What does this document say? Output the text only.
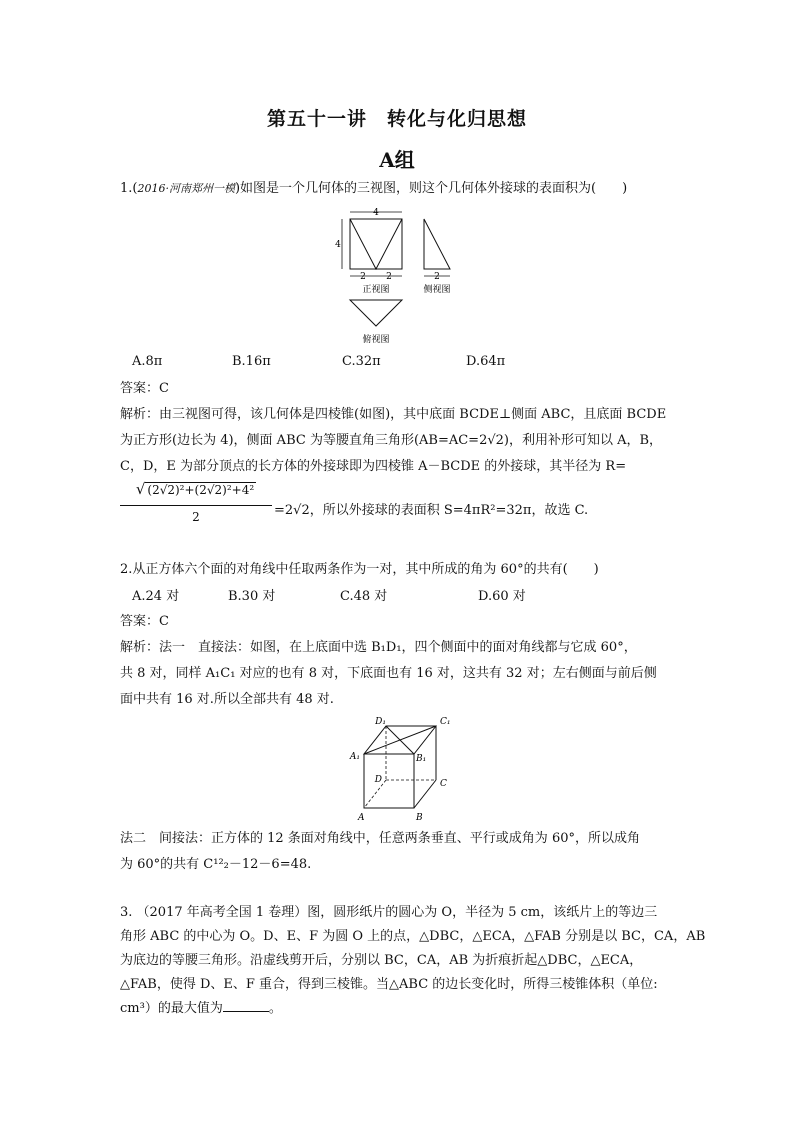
第五十一讲　转化与化归思想
A组
1.(2016·河南郑州一模)如图是一个几何体的三视图，则这个几何体外接球的表面积为(　　)
4
4
2 2
正视图
2
侧视图
俯视图
A.8π	B.16π	C.32π	D.64π
答案：C
解析：由三视图可得，该几何体是四棱锥(如图)，其中底面 BCDE⊥侧面 ABC，且底面 BCDE
为正方形(边长为 4)，侧面 ABC 为等腰直角三角形(AB=AC=2√2)，利用补形可知以 A，B，
C，D，E 为部分顶点的长方体的外接球即为四棱锥 A－BCDE 的外接球，其半径为 R=
√ (2√2)²+(2√2)²+4²
2	=2√2，所以外接球的表面积 S=4πR²=32π，故选 C.
2.从正方体六个面的对角线中任取两条作为一对，其中所成的角为 60°的共有(　　)
A.24 对	B.30 对	C.48 对	D.60 对
答案：C
解析：法一　直接法：如图，在上底面中选 B₁D₁，四个侧面中的面对角线都与它成 60°，
共 8 对，同样 A₁C₁ 对应的也有 8 对，下底面也有 16 对，这共有 32 对；左右侧面与前后侧
面中共有 16 对.所以全部共有 48 对.
D₁	C₁
A₁	B₁
D	C
A	B
法二　间接法：正方体的 12 条面对角线中，任意两条垂直、平行或成角为 60°，所以成角
为 60°的共有 C¹²₂－12－6=48.
3. （2017 年高考全国 1 卷理）图，圆形纸片的圆心为 O，半径为 5 cm，该纸片上的等边三
角形 ABC 的中心为 O。D、E、F 为圆 O 上的点，△DBC，△ECA，△FAB 分别是以 BC，CA，AB
为底边的等腰三角形。沿虚线剪开后，分别以 BC，CA，AB 为折痕折起△DBC，△ECA，
△FAB，使得 D、E、F 重合，得到三棱锥。当△ABC 的边长变化时，所得三棱锥体积（单位:
cm³）的最大值为	。
